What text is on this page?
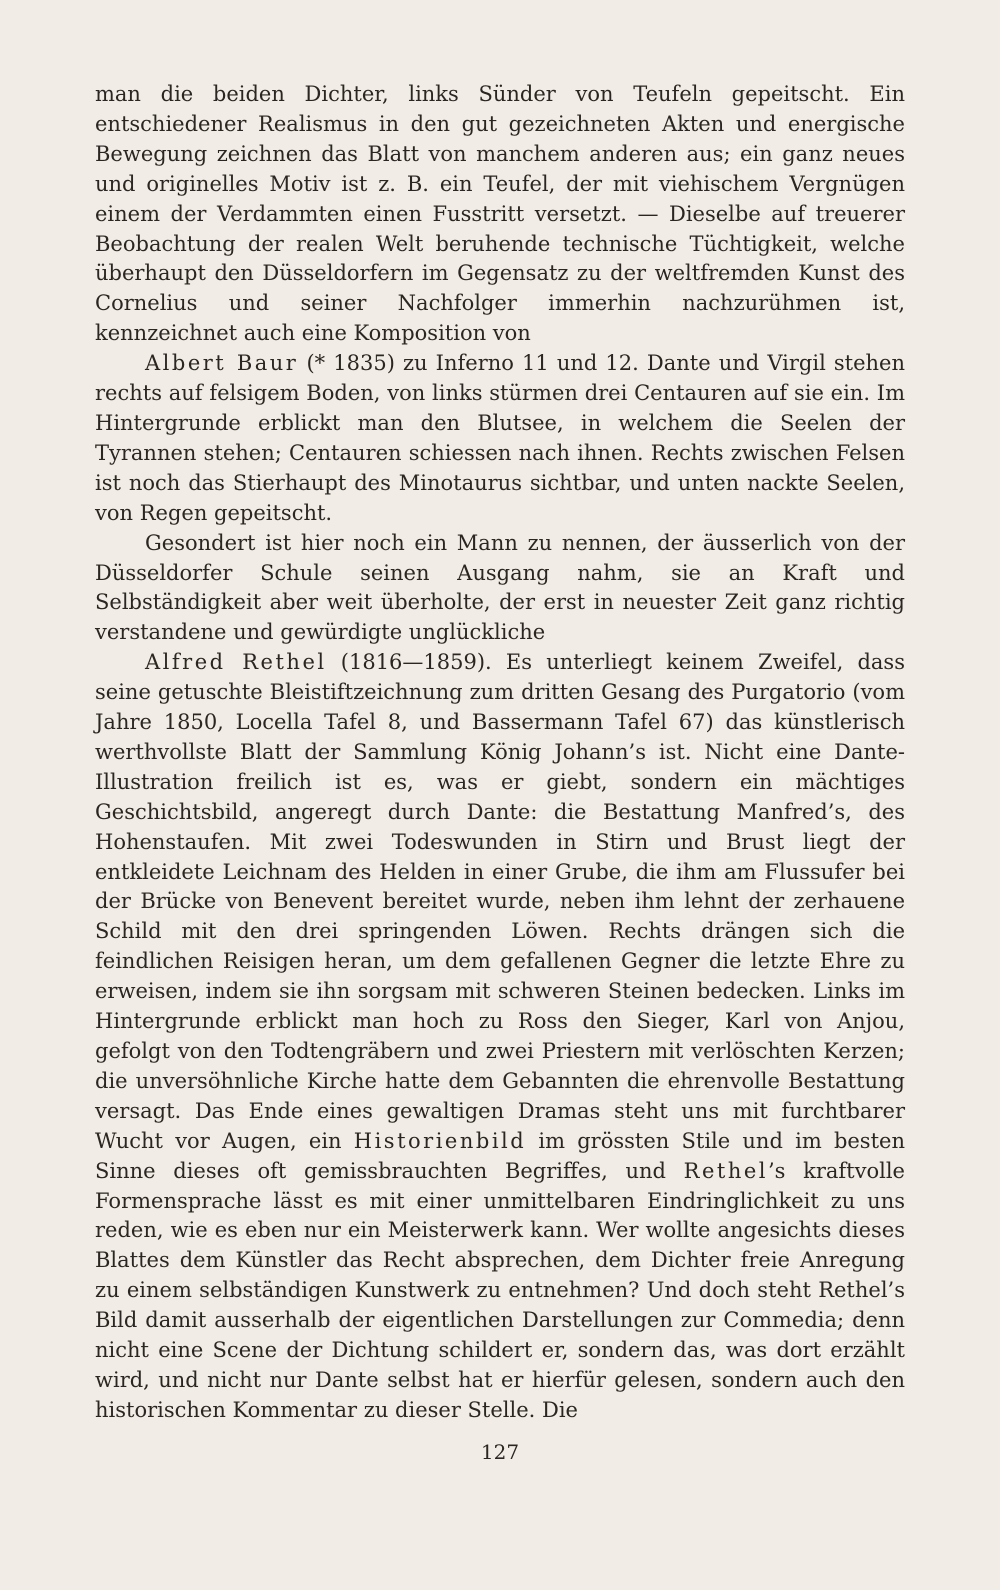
man die beiden Dichter, links Sünder von Teufeln gepeitscht. Ein entschiedener Realismus in den gut gezeichneten Akten und energische Bewegung zeichnen das Blatt von manchem anderen aus; ein ganz neues und originelles Motiv ist z. B. ein Teufel, der mit viehischem Vergnügen einem der Verdammten einen Fusstritt versetzt. — Dieselbe auf treuerer Beobachtung der realen Welt beruhende technische Tüchtigkeit, welche überhaupt den Düsseldorfern im Gegensatz zu der weltfremden Kunst des Cornelius und seiner Nachfolger immerhin nachzurühmen ist, kennzeichnet auch eine Komposition von

Albert Baur (* 1835) zu Inferno 11 und 12. Dante und Virgil stehen rechts auf felsigem Boden, von links stürmen drei Centauren auf sie ein. Im Hintergrunde erblickt man den Blutsee, in welchem die Seelen der Tyrannen stehen; Centauren schiessen nach ihnen. Rechts zwischen Felsen ist noch das Stierhaupt des Minotaurus sichtbar, und unten nackte Seelen, von Regen gepeitscht.

Gesondert ist hier noch ein Mann zu nennen, der äusserlich von der Düsseldorfer Schule seinen Ausgang nahm, sie an Kraft und Selbständigkeit aber weit überholte, der erst in neuester Zeit ganz richtig verstandene und gewürdigte unglückliche

Alfred Rethel (1816—1859). Es unterliegt keinem Zweifel, dass seine getuschte Bleistiftzeichnung zum dritten Gesang des Purgatorio (vom Jahre 1850, Locella Tafel 8, und Bassermann Tafel 67) das künstlerisch werthvollste Blatt der Sammlung König Johann’s ist. Nicht eine Dante-Illustration freilich ist es, was er giebt, sondern ein mächtiges Geschichtsbild, angeregt durch Dante: die Bestattung Manfred’s, des Hohenstaufen. Mit zwei Todeswunden in Stirn und Brust liegt der entkleidete Leichnam des Helden in einer Grube, die ihm am Flussufer bei der Brücke von Benevent bereitet wurde, neben ihm lehnt der zerhauene Schild mit den drei springenden Löwen. Rechts drängen sich die feindlichen Reisigen heran, um dem gefallenen Gegner die letzte Ehre zu erweisen, indem sie ihn sorgsam mit schweren Steinen bedecken. Links im Hintergrunde erblickt man hoch zu Ross den Sieger, Karl von Anjou, gefolgt von den Todtengräbern und zwei Priestern mit verlöschten Kerzen; die unversöhnliche Kirche hatte dem Gebannten die ehrenvolle Bestattung versagt. Das Ende eines gewaltigen Dramas steht uns mit furchtbarer Wucht vor Augen, ein Historienbild im grössten Stile und im besten Sinne dieses oft gemissbrauchten Begriffes, und Rethel’s kraftvolle Formensprache lässt es mit einer unmittelbaren Eindringlichkeit zu uns reden, wie es eben nur ein Meisterwerk kann. Wer wollte angesichts dieses Blattes dem Künstler das Recht absprechen, dem Dichter freie Anregung zu einem selbständigen Kunstwerk zu entnehmen? Und doch steht Rethel’s Bild damit ausserhalb der eigentlichen Darstellungen zur Commedia; denn nicht eine Scene der Dichtung schildert er, sondern das, was dort erzählt wird, und nicht nur Dante selbst hat er hierfür gelesen, sondern auch den historischen Kommentar zu dieser Stelle. Die

127
